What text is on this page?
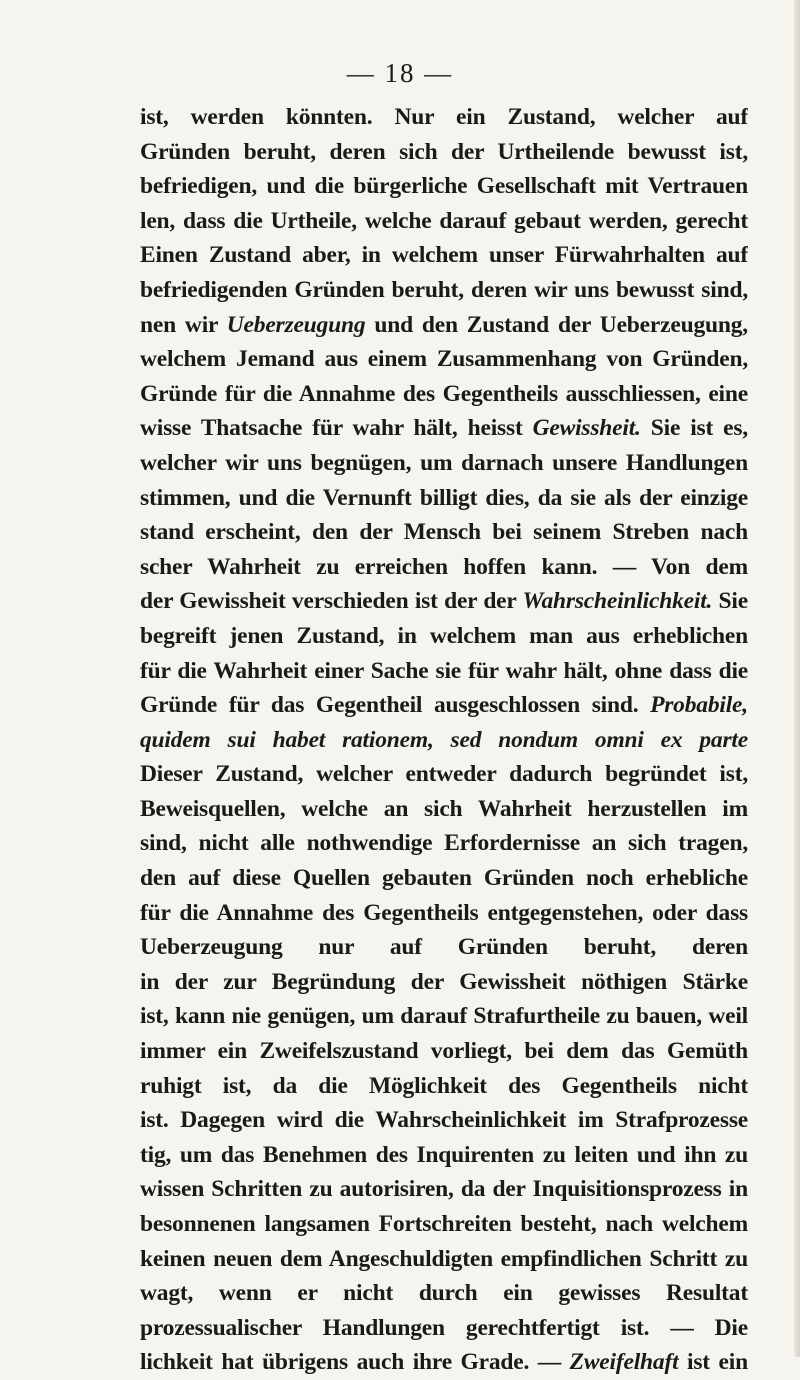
— 18 —
ist, werden könnten. Nur ein Zustand, welcher auf
Gründen beruht, deren sich der Urtheilende bewusst ist,
befriedigen, und die bürgerliche Gesellschaft mit Vertrauen
len, dass die Urtheile, welche darauf gebaut werden, gerecht
Einen Zustand aber, in welchem unser Fürwahrhalten auf
befriedigenden Gründen beruht, deren wir uns bewusst sind,
nen wir Ueberzeugung und den Zustand der Ueberzeugung,
welchem Jemand aus einem Zusammenhang von Gründen,
Gründe für die Annahme des Gegentheils ausschliessen, eine
wisse Thatsache für wahr hält, heisst Gewissheit. Sie ist es,
welcher wir uns begnügen, um darnach unsere Handlungen
stimmen, und die Vernunft billigt dies, da sie als der einzige
stand erscheint, den der Mensch bei seinem Streben nach
scher Wahrheit zu erreichen hoffen kann. — Von dem
der Gewissheit verschieden ist der der Wahrscheinlichkeit. Sie
begreift jenen Zustand, in welchem man aus erheblichen
für die Wahrheit einer Sache sie für wahr hält, ohne dass die
Gründe für das Gegentheil ausgeschlossen sind. Probabile,
quidem sui habet rationem, sed nondum omni ex parte
Dieser Zustand, welcher entweder dadurch begründet ist,
Beweisquellen, welche an sich Wahrheit herzustellen im
sind, nicht alle nothwendige Erfordernisse an sich tragen,
den auf diese Quellen gebauten Gründen noch erhebliche
für die Annahme des Gegentheils entgegenstehen, oder dass
Ueberzeugung nur auf Gründen beruht, deren
in der zur Begründung der Gewissheit nöthigen Stärke
ist, kann nie genügen, um darauf Strafurtheile zu bauen, weil
immer ein Zweifelszustand vorliegt, bei dem das Gemüth
ruhigt ist, da die Möglichkeit des Gegentheils nicht
ist. Dagegen wird die Wahrscheinlichkeit im Strafprozesse
tig, um das Benehmen des Inquirenten zu leiten und ihn zu
wissen Schritten zu autorisiren, da der Inquisitionsprozess in
besonnenen langsamen Fortschreiten besteht, nach welchem
keinen neuen dem Angeschuldigten empfindlichen Schritt zu
wagt, wenn er nicht durch ein gewisses Resultat
prozessualischer Handlungen gerechtfertigt ist. — Die
lichkeit hat übrigens auch ihre Grade. — Zweifelhaft ist ein
